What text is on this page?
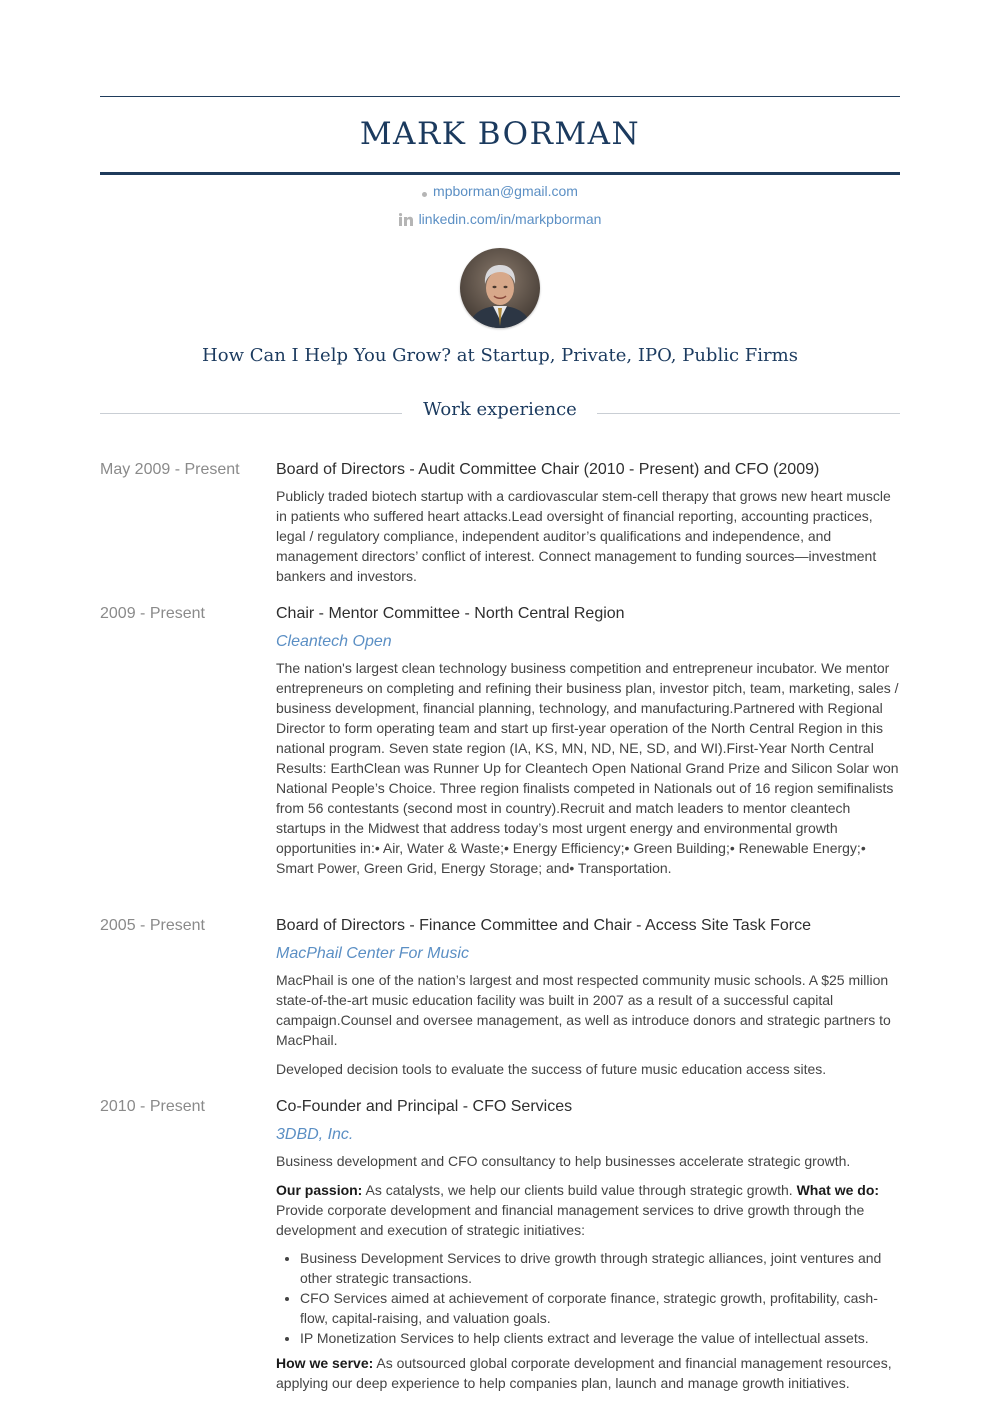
MARK BORMAN
mpborman@gmail.com
linkedin.com/in/markpborman
How Can I Help You Grow? at Startup, Private, IPO, Public Firms
Work experience
May 2009 - Present	Board of Directors - Audit Committee Chair (2010 - Present) and CFO (2009)

Publicly traded biotech startup with a cardiovascular stem-cell therapy that grows new heart muscle in patients who suffered heart attacks.Lead oversight of financial reporting, accounting practices, legal / regulatory compliance, independent auditor’s qualifications and independence, and management directors’ conflict of interest. Connect management to funding sources—investment bankers and investors.

2009 - Present	Chair - Mentor Committee - North Central Region

Cleantech Open

The nation's largest clean technology business competition and entrepreneur incubator. We mentor entrepreneurs on completing and refining their business plan, investor pitch, team, marketing, sales / business development, financial planning, technology, and manufacturing.Partnered with Regional Director to form operating team and start up first-year operation of the North Central Region in this national program. Seven state region (IA, KS, MN, ND, NE, SD, and WI).First-Year North Central Results: EarthClean was Runner Up for Cleantech Open National Grand Prize and Silicon Solar won National People’s Choice. Three region finalists competed in Nationals out of 16 region semifinalists from 56 contestants (second most in country).Recruit and match leaders to mentor cleantech startups in the Midwest that address today’s most urgent energy and environmental growth opportunities in:• Air, Water & Waste;• Energy Efficiency;• Green Building;• Renewable Energy;• Smart Power, Green Grid, Energy Storage; and• Transportation.

2005 - Present	Board of Directors - Finance Committee and Chair - Access Site Task Force

MacPhail Center For Music

MacPhail is one of the nation’s largest and most respected community music schools. A $25 million state-of-the-art music education facility was built in 2007 as a result of a successful capital campaign.Counsel and oversee management, as well as introduce donors and strategic partners to MacPhail.

Developed decision tools to evaluate the success of future music education access sites.

2010 - Present	Co-Founder and Principal - CFO Services

3DBD, Inc.

Business development and CFO consultancy to help businesses accelerate strategic growth.

Our passion: As catalysts, we help our clients build value through strategic growth. What we do: Provide corporate development and financial management services to drive growth through the development and execution of strategic initiatives:

• Business Development Services to drive growth through strategic alliances, joint ventures and other strategic transactions.
• CFO Services aimed at achievement of corporate finance, strategic growth, profitability, cash-flow, capital-raising, and valuation goals.
• IP Monetization Services to help clients extract and leverage the value of intellectual assets.

How we serve: As outsourced global corporate development and financial management resources, applying our deep experience to help companies plan, launch and manage growth initiatives.
